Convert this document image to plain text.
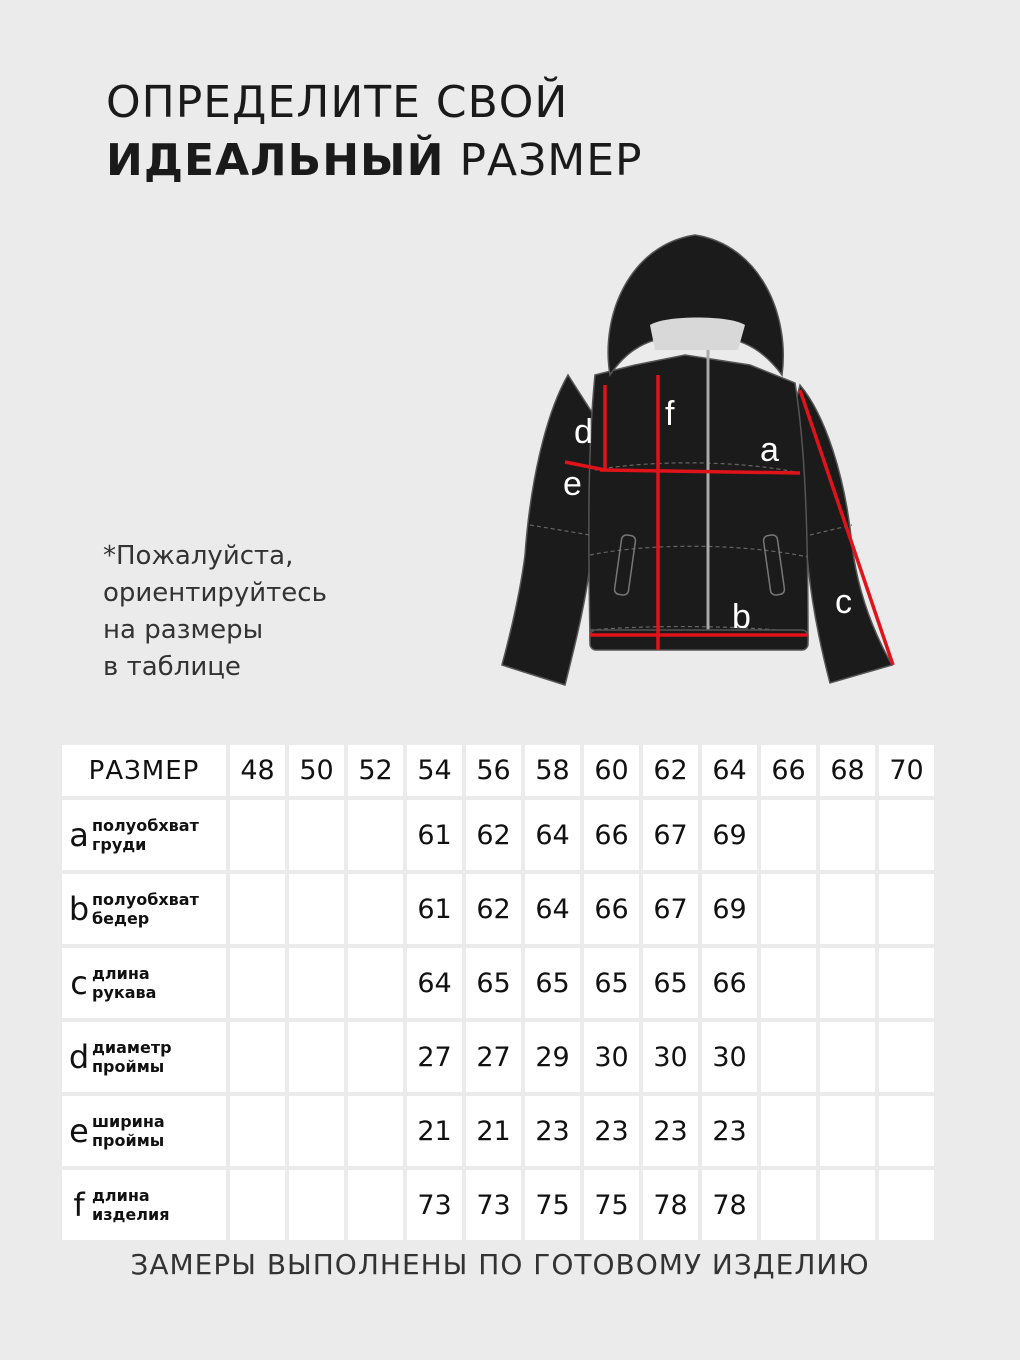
ОПРЕДЕЛИТЕ СВОЙ
ИДЕАЛЬНЫЙ РАЗМЕР
*Пожалуйста,
ориентируйтесь
на размеры
в таблице
d f
a
e
b c
РАЗМЕР	48	50	52	54	56	58	60	62	64	66	68	70
a полуобхват
груди				61	62	64	66	67	69			
b полуобхват
бедер				61	62	64	66	67	69			
c длина
рукава				64	65	65	65	65	66			
d диаметр
проймы				27	27	29	30	30	30			
e ширина
проймы				21	21	23	23	23	23			
f длина
изделия				73	73	75	75	78	78			
ЗАМЕРЫ ВЫПОЛНЕНЫ ПО ГОТОВОМУ ИЗДЕЛИЮ
